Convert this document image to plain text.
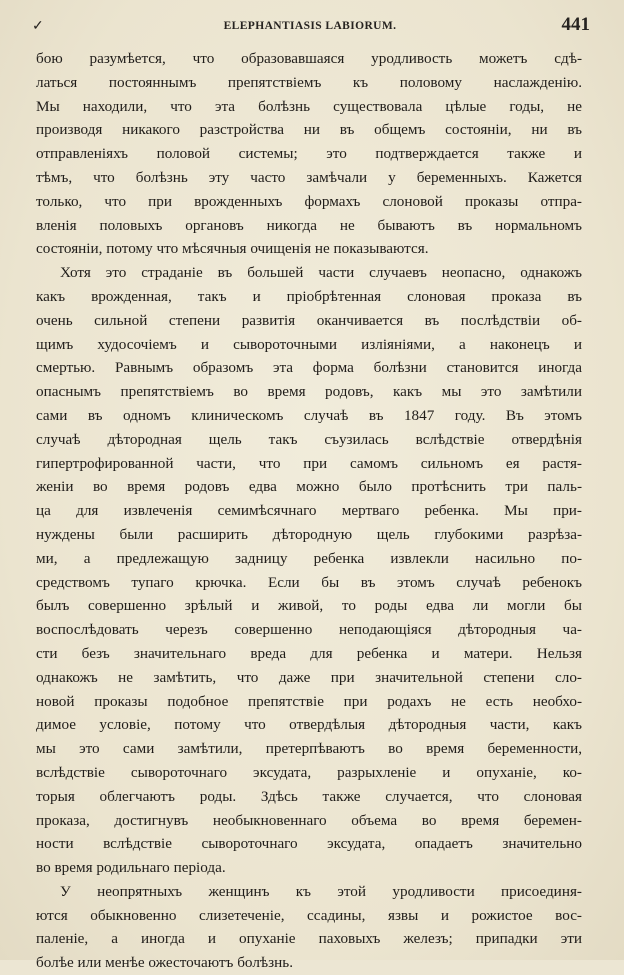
✓	ELEPHANTIASIS LABIORUM.	441
бою разумѣется, что образовавшаяся уродливость можетъ сдѣ-
латься постояннымъ препятствіемъ къ половому наслажденію.
Мы находили, что эта болѣзнь существовала цѣлые годы, не
производя никакого разстройства ни въ общемъ состояніи, ни въ
отправленіяхъ половой системы; это подтверждается также и
тѣмъ, что болѣзнь эту часто замѣчали у беременныхъ. Кажется
только, что при врожденныхъ формахъ слоновой проказы отпра-
вленія половыхъ органовъ никогда не бываютъ въ нормальномъ
состояніи, потому что мѣсячныя очищенія не показываются.
Хотя это страданіе въ большей части случаевъ неопасно, однакожъ
какъ врожденная, такъ и пріобрѣтенная слоновая проказа въ
очень сильной степени развитія оканчивается въ послѣдствіи об-
щимъ худосочіемъ и сывороточными изліяніями, а наконецъ и
смертью. Равнымъ образомъ эта форма болѣзни становится иногда
опаснымъ препятствіемъ во время родовъ, какъ мы это замѣтили
сами въ одномъ клиническомъ случаѣ въ 1847 году. Въ этомъ
случаѣ дѣтородная щель такъ съузилась вслѣдствіе отвердѣнія
гипертрофированной части, что при самомъ сильномъ ея растя-
женіи во время родовъ едва можно было протѣснить три паль-
ца для извлеченія семимѣсячнаго мертваго ребенка. Мы при-
нуждены были расширить дѣтородную щель глубокими разрѣза-
ми, а предлежащую задницу ребенка извлекли насильно по-
средствомъ тупаго крючка. Если бы въ этомъ случаѣ ребенокъ
былъ совершенно зрѣлый и живой, то роды едва ли могли бы
воспослѣдовать черезъ совершенно неподающіяся дѣтородныя ча-
сти безъ значительнаго вреда для ребенка и матери. Нельзя
однакожъ не замѣтить, что даже при значительной степени сло-
новой проказы подобное препятствіе при родахъ не есть необхо-
димое условіе, потому что отвердѣлыя дѣтородныя части, какъ
мы это сами замѣтили, претерпѣваютъ во время беременности,
вслѣдствіе сывороточнаго эксудата, разрыхленіе и опуханіе, ко-
торыя облегчаютъ роды. Здѣсь также случается, что слоновая
проказа, достигнувъ необыкновеннаго объема во время беремен-
ности вслѣдствіе сывороточнаго эксудата, опадаетъ значительно
во время родильнаго періода.
У неопрятныхъ женщинъ къ этой уродливости присоединя-
ются обыкновенно слизетеченіе, ссадины, язвы и рожистое вос-
паленіе, а иногда и опуханіе паховыхъ железъ; припадки эти
болѣе или менѣе ожесточаютъ болѣзнь.
